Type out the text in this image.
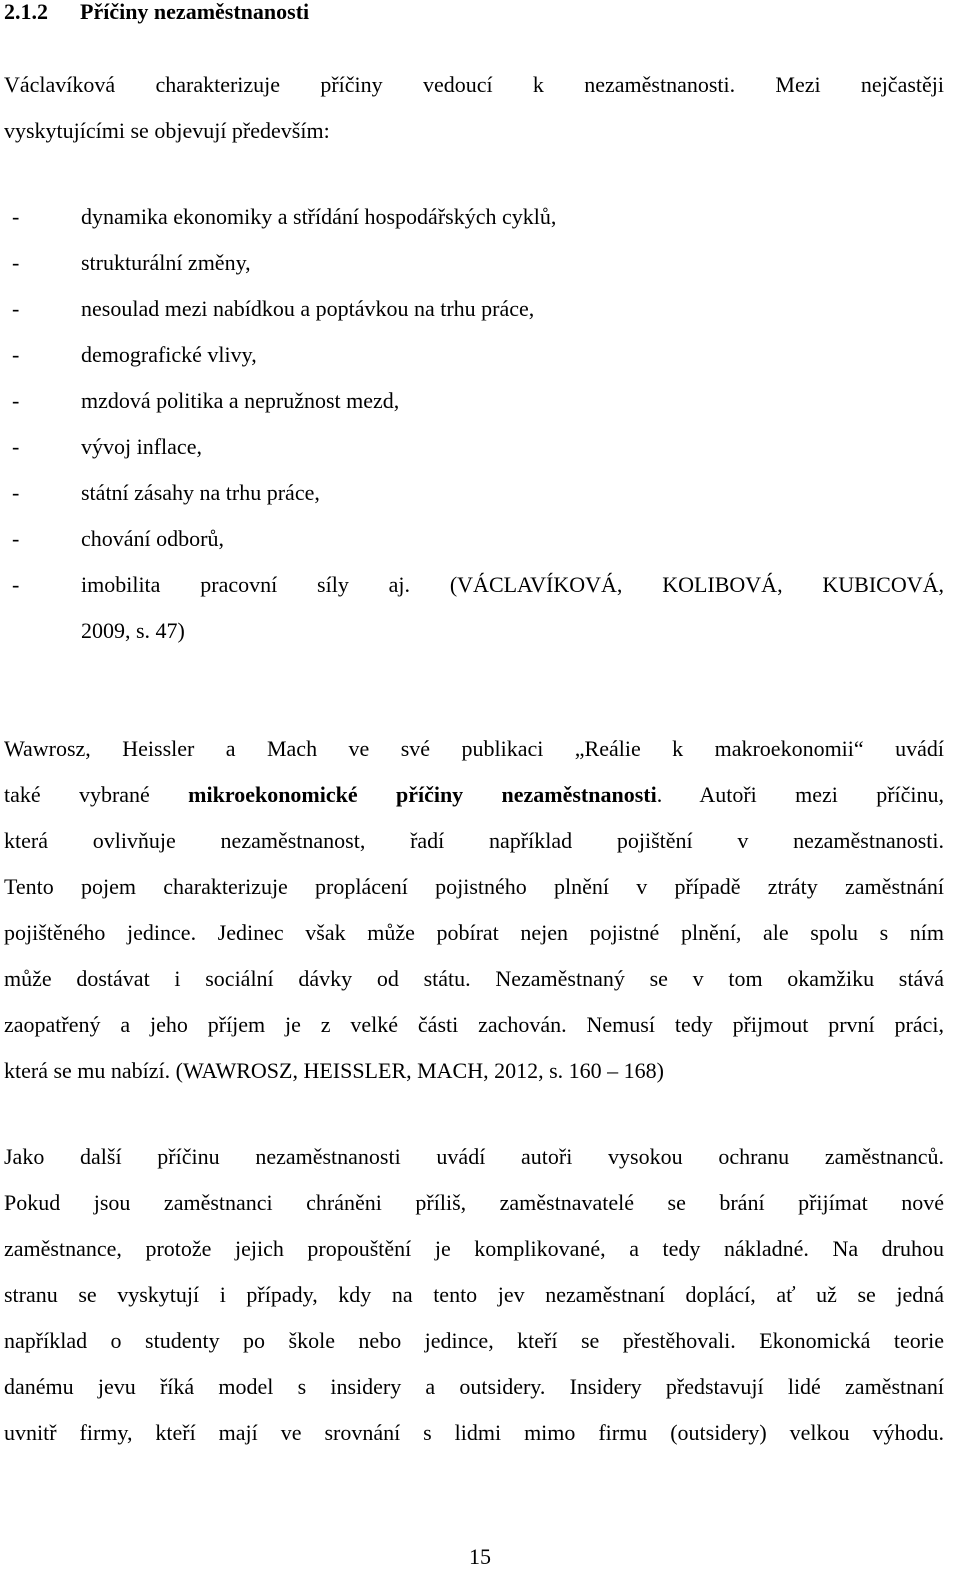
2.1.2 Příčiny nezaměstnanosti
Václavíková charakterizuje příčiny vedoucí k nezaměstnanosti. Mezi nejčastěji
vyskytujícími se objevují především:
-	dynamika ekonomiky a střídání hospodářských cyklů,
-	strukturální změny,
-	nesoulad mezi nabídkou a poptávkou na trhu práce,
-	demografické vlivy,
-	mzdová politika a nepružnost mezd,
-	vývoj inflace,
-	státní zásahy na trhu práce,
-	chování odborů,
-	imobilita pracovní síly aj. (VÁCLAVÍKOVÁ, KOLIBOVÁ, KUBICOVÁ,
2009, s. 47)
Wawrosz, Heissler a Mach ve své publikaci „Reálie k makroekonomii“ uvádí
také vybrané mikroekonomické příčiny nezaměstnanosti. Autoři mezi příčinu,
která ovlivňuje nezaměstnanost, řadí například pojištění v nezaměstnanosti.
Tento pojem charakterizuje proplácení pojistného plnění v případě ztráty zaměstnání
pojištěného jedince. Jedinec však může pobírat nejen pojistné plnění, ale spolu s ním
může dostávat i sociální dávky od státu. Nezaměstnaný se v tom okamžiku stává
zaopatřený a jeho příjem je z velké části zachován. Nemusí tedy přijmout první práci,
která se mu nabízí. (WAWROSZ, HEISSLER, MACH, 2012, s. 160 – 168)
Jako další příčinu nezaměstnanosti uvádí autoři vysokou ochranu zaměstnanců.
Pokud jsou zaměstnanci chráněni příliš, zaměstnavatelé se brání přijímat nové
zaměstnance, protože jejich propouštění je komplikované, a tedy nákladné. Na druhou
stranu se vyskytují i případy, kdy na tento jev nezaměstnaní doplácí, ať už se jedná
například o studenty po škole nebo jedince, kteří se přestěhovali. Ekonomická teorie
danému jevu říká model s insidery a outsidery. Insidery představují lidé zaměstnaní
uvnitř firmy, kteří mají ve srovnání s lidmi mimo firmu (outsidery) velkou výhodu.
15
